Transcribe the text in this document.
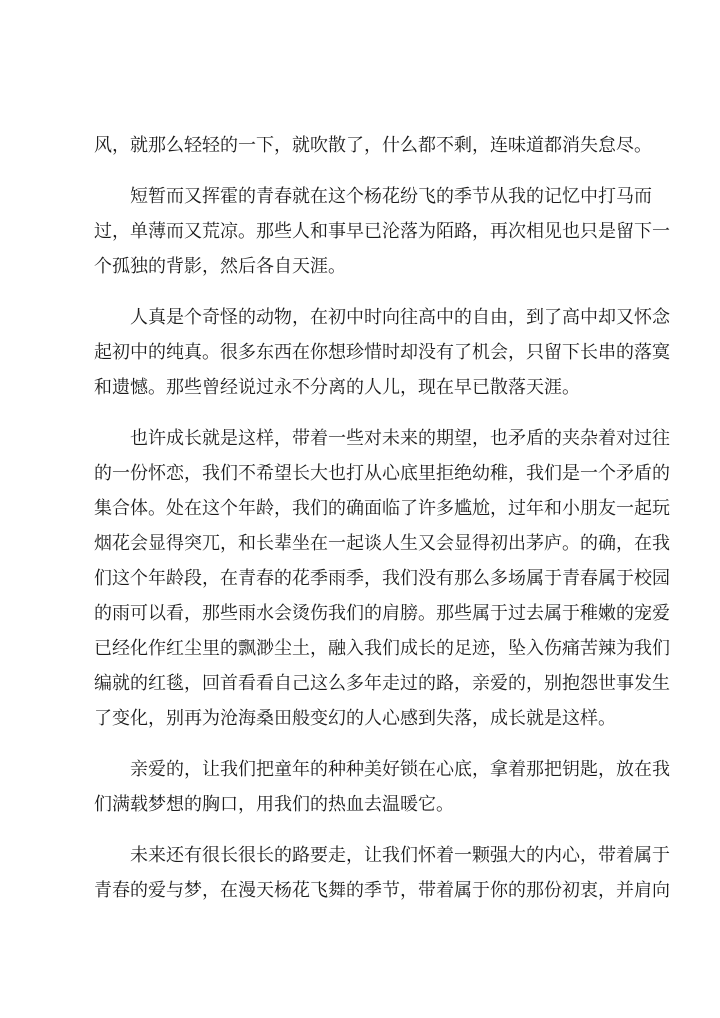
风，就那么轻轻的一下，就吹散了，什么都不剩，连味道都消失怠尽。
短暂而又挥霍的青春就在这个杨花纷飞的季节从我的记忆中打马而
过，单薄而又荒凉。那些人和事早已沦落为陌路，再次相见也只是留下一
个孤独的背影，然后各自天涯。
人真是个奇怪的动物，在初中时向往高中的自由，到了高中却又怀念
起初中的纯真。很多东西在你想珍惜时却没有了机会，只留下长串的落寞
和遗憾。那些曾经说过永不分离的人儿，现在早已散落天涯。
也许成长就是这样，带着一些对未来的期望，也矛盾的夹杂着对过往
的一份怀恋，我们不希望长大也打从心底里拒绝幼稚，我们是一个矛盾的
集合体。处在这个年龄，我们的确面临了许多尴尬，过年和小朋友一起玩
烟花会显得突兀，和长辈坐在一起谈人生又会显得初出茅庐。的确，在我
们这个年龄段，在青春的花季雨季，我们没有那么多场属于青春属于校园
的雨可以看，那些雨水会烫伤我们的肩膀。那些属于过去属于稚嫩的宠爱
已经化作红尘里的飘渺尘土，融入我们成长的足迹，坠入伤痛苦辣为我们
编就的红毯，回首看看自己这么多年走过的路，亲爱的，别抱怨世事发生
了变化，别再为沧海桑田般变幻的人心感到失落，成长就是这样。
亲爱的，让我们把童年的种种美好锁在心底，拿着那把钥匙，放在我
们满载梦想的胸口，用我们的热血去温暖它。
未来还有很长很长的路要走，让我们怀着一颗强大的内心，带着属于
青春的爱与梦，在漫天杨花飞舞的季节，带着属于你的那份初衷，并肩向
